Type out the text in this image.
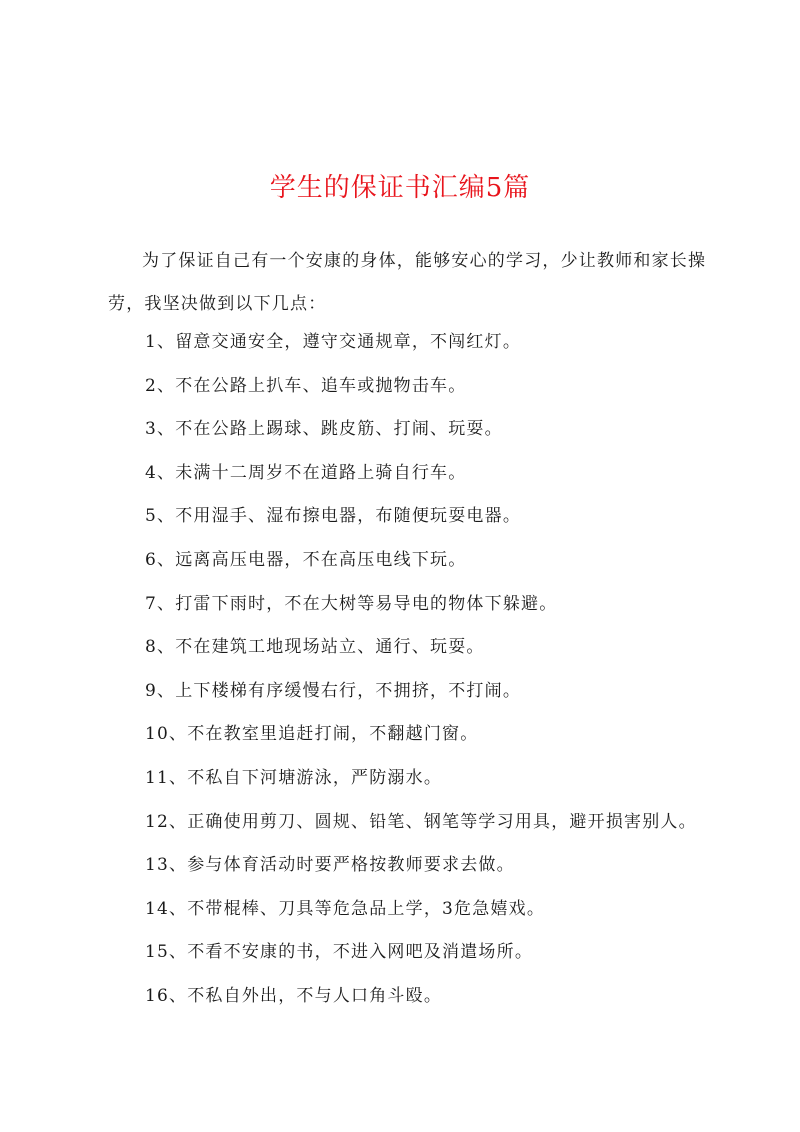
学生的保证书汇编5篇

为了保证自己有一个安康的身体，能够安心的学习，少让教师和家长操劳，我坚决做到以下几点：

1、留意交通安全，遵守交通规章，不闯红灯。
2、不在公路上扒车、追车或抛物击车。
3、不在公路上踢球、跳皮筋、打闹、玩耍。
4、未满十二周岁不在道路上骑自行车。
5、不用湿手、湿布擦电器，布随便玩耍电器。
6、远离高压电器，不在高压电线下玩。
7、打雷下雨时，不在大树等易导电的物体下躲避。
8、不在建筑工地现场站立、通行、玩耍。
9、上下楼梯有序缓慢右行，不拥挤，不打闹。
10、不在教室里追赶打闹，不翻越门窗。
11、不私自下河塘游泳，严防溺水。
12、正确使用剪刀、圆规、铅笔、钢笔等学习用具，避开损害别人。
13、参与体育活动时要严格按教师要求去做。
14、不带棍棒、刀具等危急品上学，3危急嬉戏。
15、不看不安康的书，不进入网吧及消遣场所。
16、不私自外出，不与人口角斗殴。
